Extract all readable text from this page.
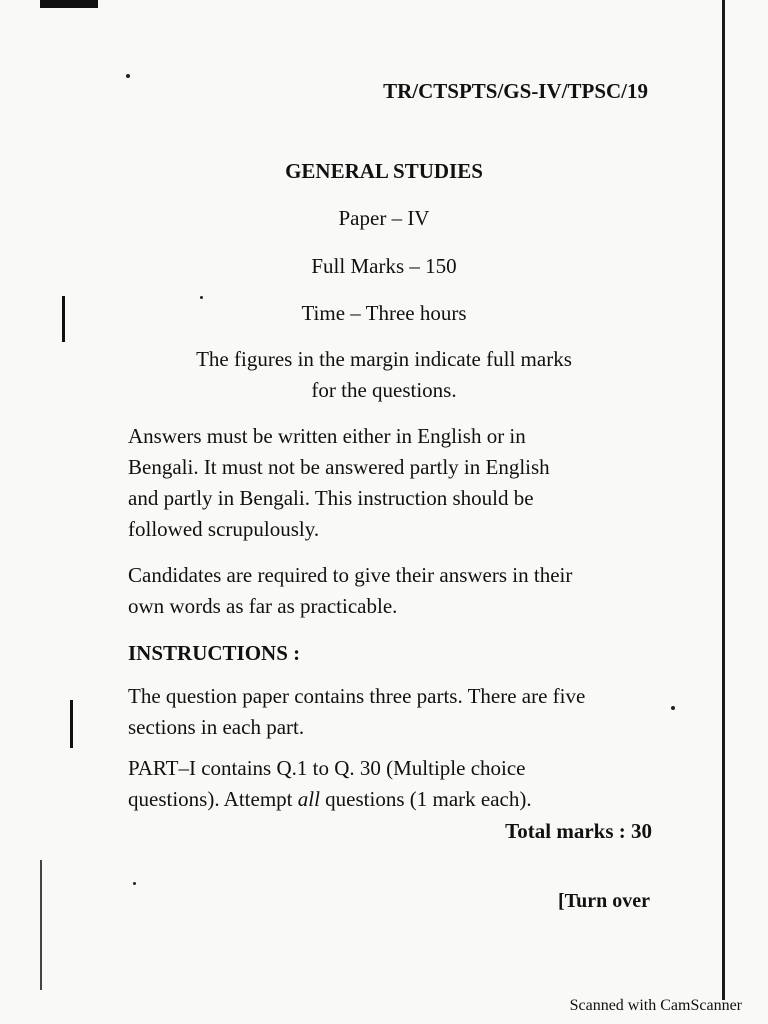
TR/CTSPTS/GS-IV/TPSC/19
GENERAL STUDIES
Paper – IV
Full Marks – 150
Time – Three hours
The figures in the margin indicate full marks
for the questions.

Answers must be written either in English or in

Bengali. It must not be answered partly in English

and partly in Bengali. This instruction should be

followed scrupulously.

Candidates are required to give their answers in their

own words as far as practicable.

INSTRUCTIONS :

The question paper contains three parts. There are five

sections in each part.

PART–I contains Q.1 to Q. 30 (Multiple choice

questions). Attempt all questions (1 mark each).

Total marks : 30
[Turn over
Scanned with CamScanner
